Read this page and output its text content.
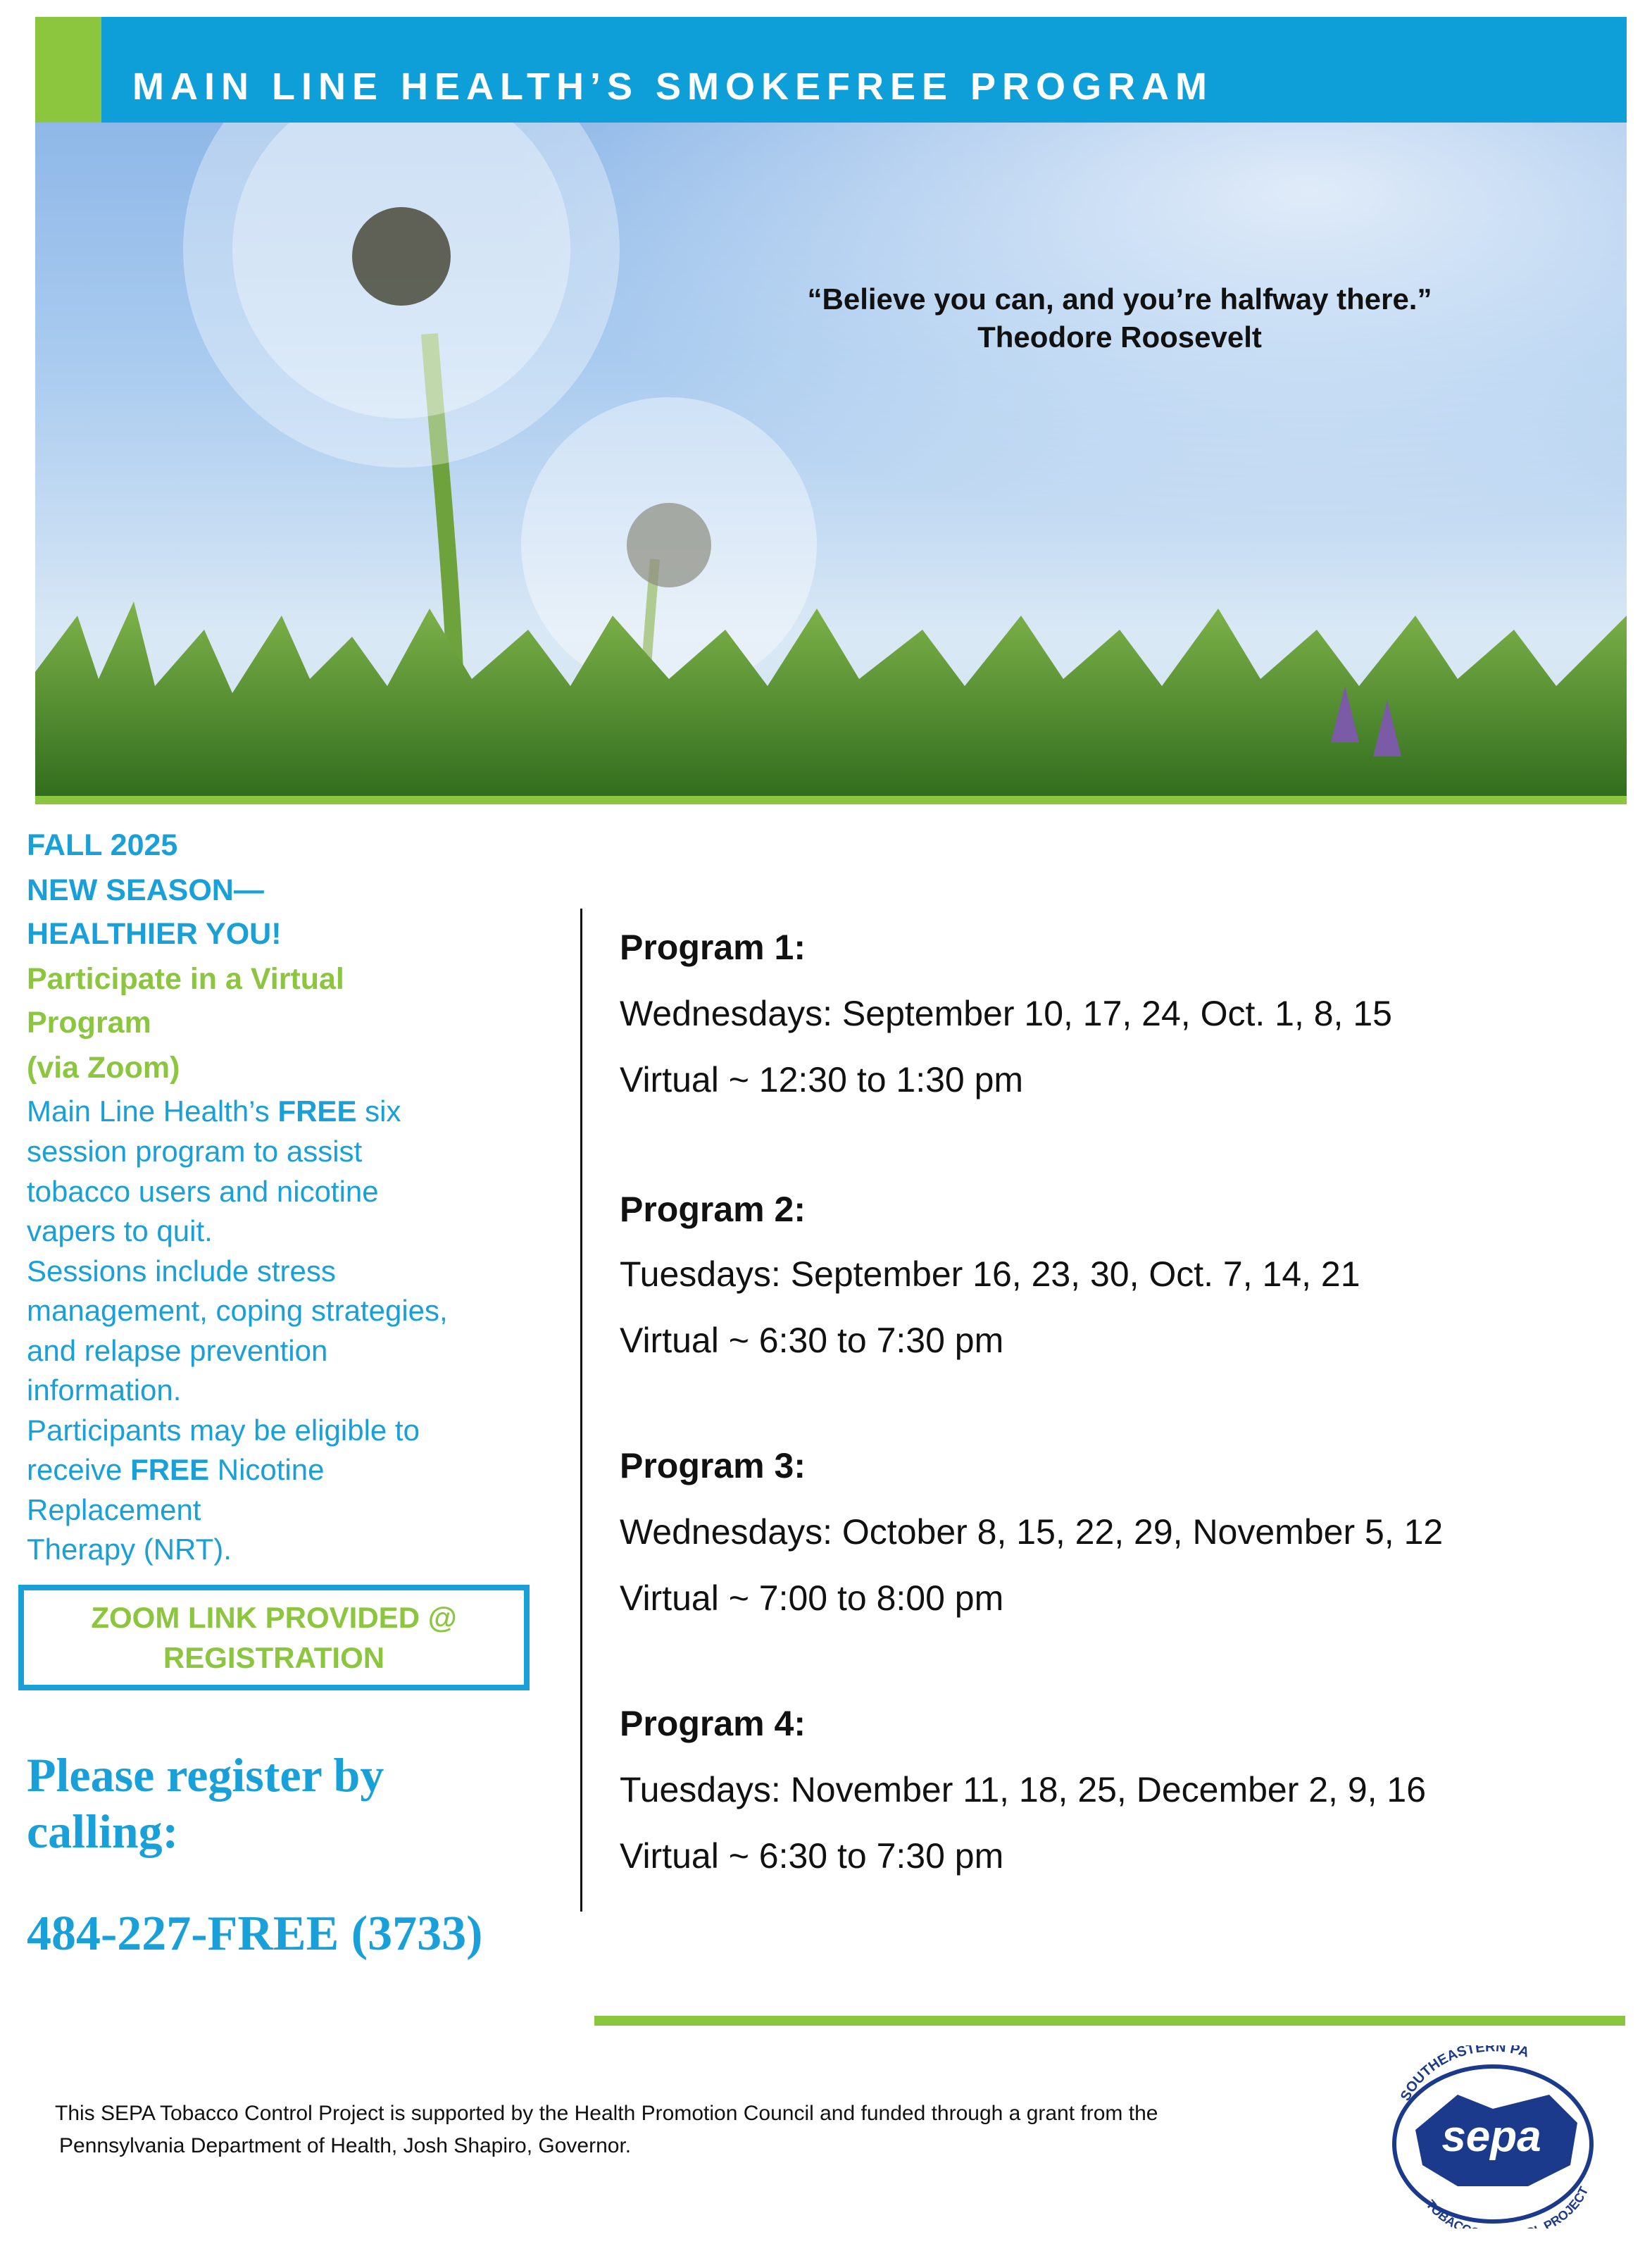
MAIN LINE HEALTH’S SMOKEFREE PROGRAM
“Believe you can, and you’re halfway there.”
Theodore Roosevelt
FALL 2025
NEW SEASON—
HEALTHIER YOU!
Participate in a Virtual
Program
(via Zoom)
Main Line Health’s FREE six
session program to assist
tobacco users and nicotine
vapers to quit.
Sessions include stress
management, coping strategies,
and relapse prevention
information.
Participants may be eligible to
receive FREE Nicotine
Replacement
Therapy (NRT).
ZOOM LINK PROVIDED @
REGISTRATION
Please register by
calling:
484-227-FREE (3733)
Program 1:
Wednesdays: September 10, 17, 24, Oct. 1, 8, 15
Virtual ~ 12:30 to 1:30 pm
Program 2:
Tuesdays: September 16, 23, 30, Oct. 7, 14, 21
Virtual ~ 6:30 to 7:30 pm
Program 3:
Wednesdays: October 8, 15, 22, 29, November 5, 12
Virtual ~ 7:00 to 8:00 pm
Program 4:
Tuesdays: November 11, 18, 25, December 2, 9, 16
Virtual ~ 6:30 to 7:30 pm
This SEPA Tobacco Control Project is supported by the Health Promotion Council and funded through a grant from the
Pennsylvania Department of Health, Josh Shapiro, Governor.	sepa
SOUTHEASTERN PA
TOBAC PROJECT
